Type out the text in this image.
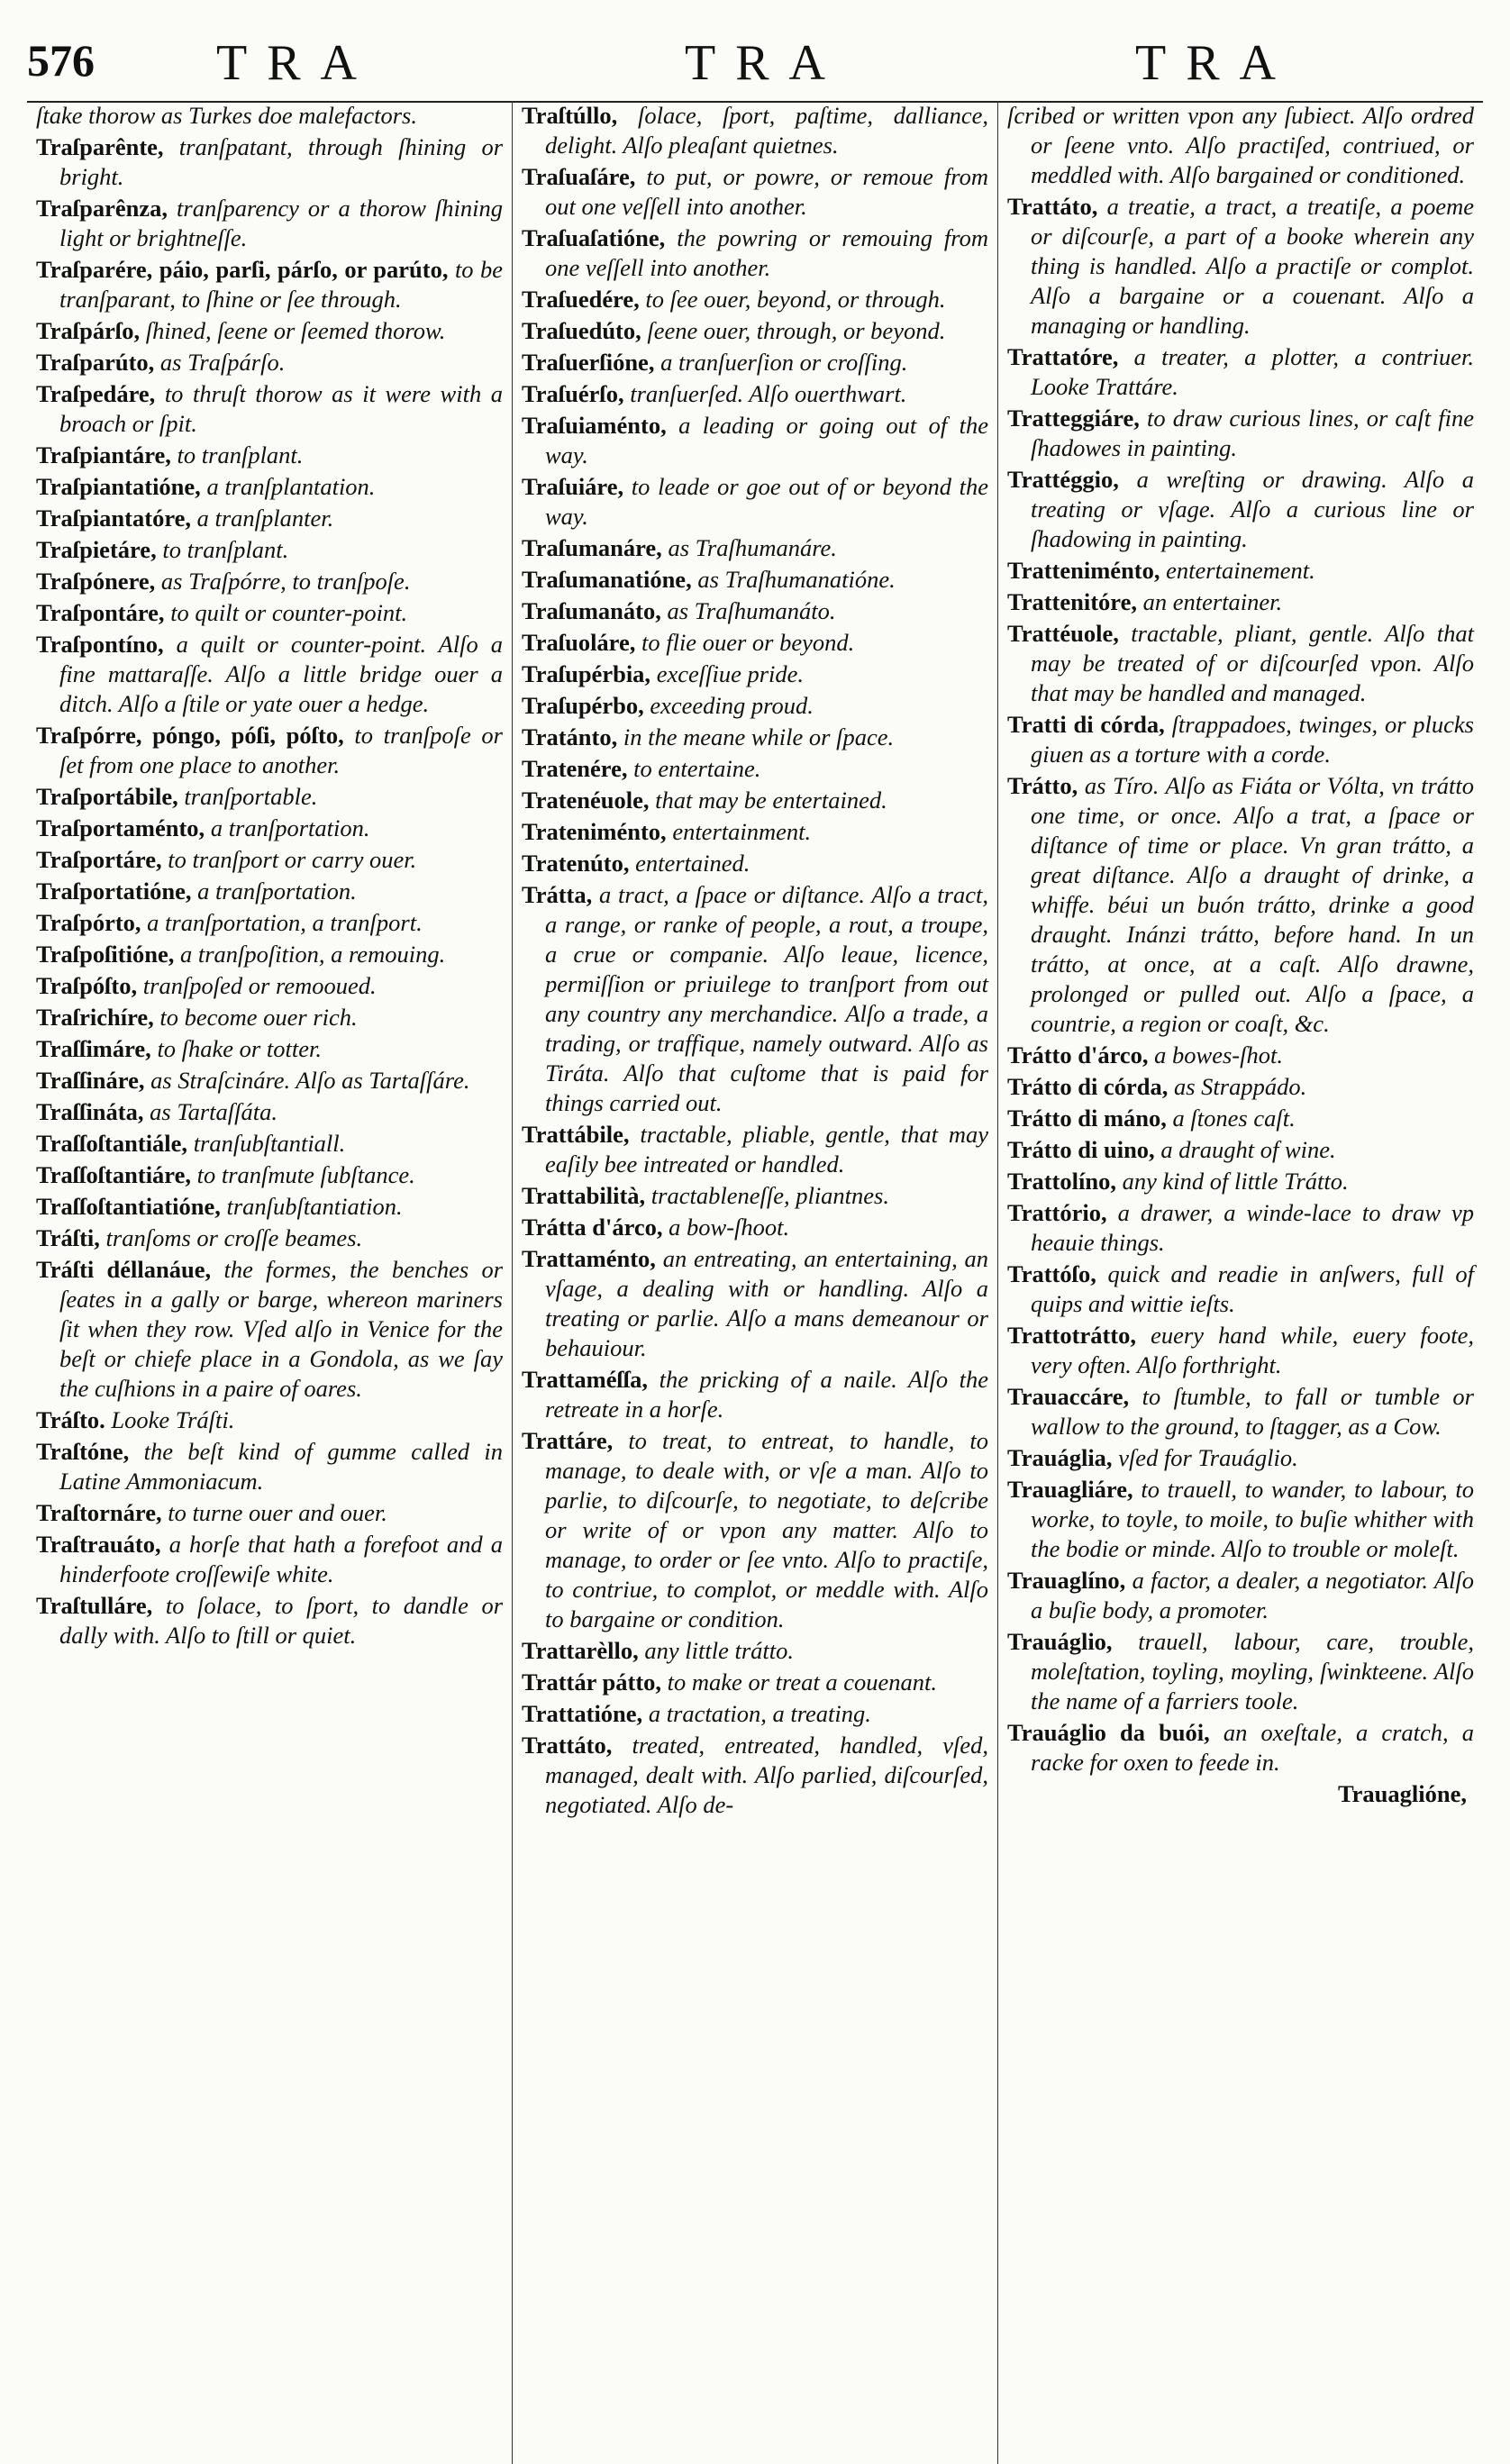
576 TRA	TRA	TRA

ſtake thorow as Turkes doe malefactors.

Traſparênte, tranſpatant, through ſhining or bright.

Traſparênza, tranſparency or a thorow ſhining light or brightneſſe.

Traſparére, páio, parſi, párſo, or parúto, to be tranſparant, to ſhine or ſee through.

Traſpárſo, ſhined, ſeene or ſeemed thorow.

Traſparúto, as Traſpárſo.

Traſpedáre, to thruſt thorow as it were with a broach or ſpit.

Traſpiantáre, to tranſplant.

Traſpiantatióne, a tranſplantation.

Traſpiantatóre, a tranſplanter.

Traſpietáre, to tranſplant.

Traſpónere, as Traſpórre, to tranſpoſe.

Traſpontáre, to quilt or counter-point.

Traſpontíno, a quilt or counter-point. Alſo a fine mattaraſſe. Alſo a little bridge ouer a ditch. Alſo a ſtile or yate ouer a hedge.

Traſpórre, póngo, póſi, póſto, to tranſpoſe or ſet from one place to another.

Traſportábile, tranſportable.

Traſportaménto, a tranſportation.

Traſportáre, to tranſport or carry ouer.

Traſportatióne, a tranſportation.

Traſpórto, a tranſportation, a tranſport.

Traſpoſitióne, a tranſpoſition, a remouing.

Traſpóſto, tranſpoſed or remooued.

Traſrichíre, to become ouer rich.

Traſſimáre, to ſhake or totter.

Traſſináre, as Straſcináre. Alſo as Tartaſſáre.

Traſſináta, as Tartaſſáta.

Traſſoſtantiále, tranſubſtantiall.

Traſſoſtantiáre, to tranſmute ſubſtance.

Traſſoſtantiatióne, tranſubſtantiation.

Tráſti, tranſoms or croſſe beames.

Tráſti déllanáue, the formes, the benches or ſeates in a gally or barge, whereon mariners ſit when they row. Vſed alſo in Venice for the beſt or chiefe place in a Gondola, as we ſay the cuſhions in a paire of oares.

Tráſto. Looke Tráſti.

Traſtóne, the beſt kind of gumme called in Latine Ammoniacum.

Traſtornáre, to turne ouer and ouer.

Traſtrauáto, a horſe that hath a forefoot and a hinderfoote croſſewiſe white.

Traſtulláre, to ſolace, to ſport, to dandle or dally with. Alſo to ſtill or quiet.

Traſtúllo, ſolace, ſport, paſtime, dalliance, delight. Alſo pleaſant quietnes.

Traſuaſáre, to put, or powre, or remoue from out one veſſell into another.

Traſuaſatióne, the powring or remouing from one veſſell into another.

Traſuedére, to ſee ouer, beyond, or through.

Traſuedúto, ſeene ouer, through, or beyond.

Traſuerſióne, a tranſuerſion or croſſing.

Traſuérſo, tranſuerſed. Alſo ouerthwart.

Traſuiaménto, a leading or going out of the way.

Traſuiáre, to leade or goe out of or beyond the way.

Traſumanáre, as Traſhumanáre.

Traſumanatióne, as Traſhumanatióne.

Traſumanáto, as Traſhumanáto.

Traſuoláre, to flie ouer or beyond.

Traſupérbia, exceſſiue pride.

Traſupérbo, exceeding proud.

Tratánto, in the meane while or ſpace.

Tratenére, to entertaine.

Tratenéuole, that may be entertained.

Trateniménto, entertainment.

Tratenúto, entertained.

Trátta, a tract, a ſpace or diſtance. Alſo a tract, a range, or ranke of people, a rout, a troupe, a crue or companie. Alſo leaue, licence, permiſſion or priuilege to tranſport from out any country any merchandice. Alſo a trade, a trading, or traffique, namely outward. Alſo as Tiráta. Alſo that cuſtome that is paid for things carried out.

Trattábile, tractable, pliable, gentle, that may eaſily bee intreated or handled.

Trattabilità, tractableneſſe, pliantnes.

Trátta d'árco, a bow-ſhoot.

Trattaménto, an entreating, an entertaining, an vſage, a dealing with or handling. Alſo a treating or parlie. Alſo a mans demeanour or behauiour.

Trattaméſſa, the pricking of a naile. Alſo the retreate in a horſe.

Trattáre, to treat, to entreat, to handle, to manage, to deale with, or vſe a man. Alſo to parlie, to diſcourſe, to negotiate, to deſcribe or write of or vpon any matter. Alſo to manage, to order or ſee vnto. Alſo to practiſe, to contriue, to complot, or meddle with. Alſo to bargaine or condition.

Trattarèllo, any little trátto.

Trattár pátto, to make or treat a couenant.

Trattatióne, a tractation, a treating.

Trattáto, treated, entreated, handled, vſed, managed, dealt with. Alſo parlied, diſcourſed, negotiated. Alſo de-

ſcribed or written vpon any ſubiect. Alſo ordred or ſeene vnto. Alſo practiſed, contriued, or meddled with. Alſo bargained or conditioned.

Trattáto, a treatie, a tract, a treatiſe, a poeme or diſcourſe, a part of a booke wherein any thing is handled. Alſo a practiſe or complot. Alſo a bargaine or a couenant. Alſo a managing or handling.

Trattatóre, a treater, a plotter, a contriuer. Looke Trattáre.

Tratteggiáre, to draw curious lines, or caſt fine ſhadowes in painting.

Trattéggio, a wreſting or drawing. Alſo a treating or vſage. Alſo a curious line or ſhadowing in painting.

Tratteniménto, entertainement.

Trattenitóre, an entertainer.

Trattéuole, tractable, pliant, gentle. Alſo that may be treated of or diſcourſed vpon. Alſo that may be handled and managed.

Tratti di córda, ſtrappadoes, twinges, or plucks giuen as a torture with a corde.

Trátto, as Tíro. Alſo as Fiáta or Vólta, vn trátto one time, or once. Alſo a trat, a ſpace or diſtance of time or place. Vn gran trátto, a great diſtance. Alſo a draught of drinke, a whiffe. béui un buón trátto, drinke a good draught. Inánzi trátto, before hand. In un trátto, at once, at a caſt. Alſo drawne, prolonged or pulled out. Alſo a ſpace, a countrie, a region or coaſt, &c.

Trátto d'árco, a bowes-ſhot.

Trátto di córda, as Strappádo.

Trátto di máno, a ſtones caſt.

Trátto di uino, a draught of wine.

Trattolíno, any kind of little Trátto.

Trattório, a drawer, a winde-lace to draw vp heauie things.

Trattóſo, quick and readie in anſwers, full of quips and wittie ieſts.

Trattotrátto, euery hand while, euery foote, very often. Alſo forthright.

Trauaccáre, to ſtumble, to fall or tumble or wallow to the ground, to ſtagger, as a Cow.

Trauáglia, vſed for Trauáglio.

Trauagliáre, to trauell, to wander, to labour, to worke, to toyle, to moile, to buſie whither with the bodie or minde. Alſo to trouble or moleſt.

Trauaglíno, a factor, a dealer, a negotiator. Alſo a buſie body, a promoter.

Trauáglio, trauell, labour, care, trouble, moleſtation, toyling, moyling, ſwinkteene. Alſo the name of a farriers toole.

Trauáglio da buói, an oxeſtale, a cratch, a racke for oxen to feede in.

Trauaglióne,
